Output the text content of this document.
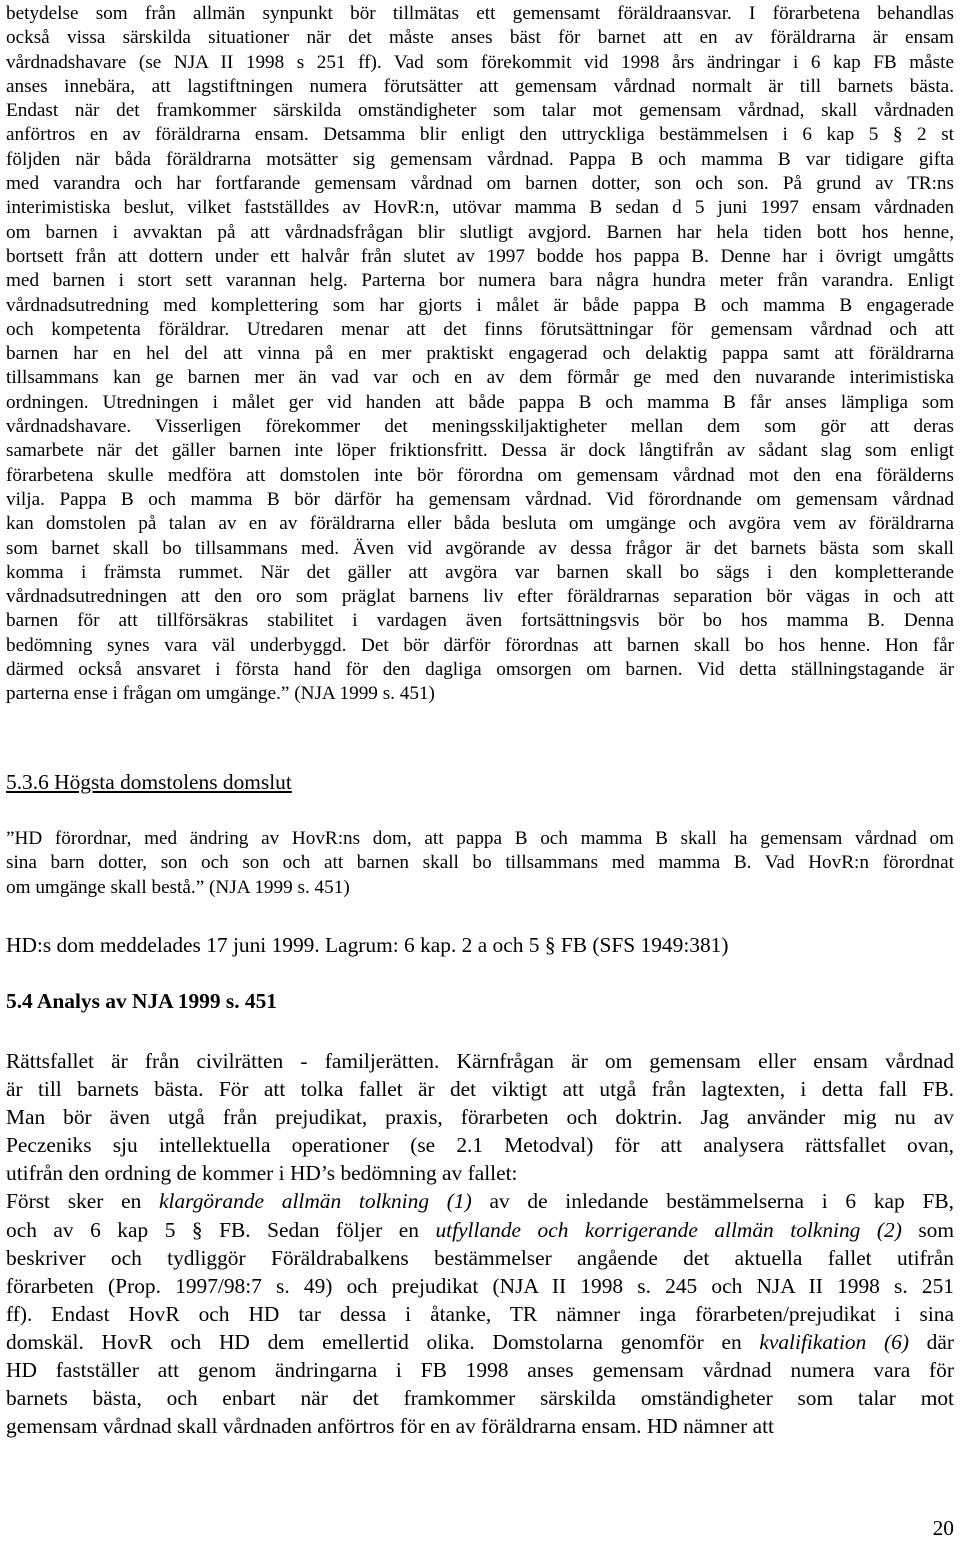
betydelse som från allmän synpunkt bör tillmätas ett gemensamt föräldraansvar. I förarbetena behandlas
också vissa särskilda situationer när det måste anses bäst för barnet att en av föräldrarna är ensam
vårdnadshavare (se NJA II 1998 s 251 ff). Vad som förekommit vid 1998 års ändringar i 6 kap FB måste
anses innebära, att lagstiftningen numera förutsätter att gemensam vårdnad normalt är till barnets bästa.
Endast när det framkommer särskilda omständigheter som talar mot gemensam vårdnad, skall vårdnaden
anförtros en av föräldrarna ensam. Detsamma blir enligt den uttryckliga bestämmelsen i 6 kap 5 § 2 st
följden när båda föräldrarna motsätter sig gemensam vårdnad. Pappa B och mamma B var tidigare gifta
med varandra och har fortfarande gemensam vårdnad om barnen dotter, son och son. På grund av TR:ns
interimistiska beslut, vilket fastställdes av HovR:n, utövar mamma B sedan d 5 juni 1997 ensam vårdnaden
om barnen i avvaktan på att vårdnadsfrågan blir slutligt avgjord. Barnen har hela tiden bott hos henne,
bortsett från att dottern under ett halvår från slutet av 1997 bodde hos pappa B. Denne har i övrigt umgåtts
med barnen i stort sett varannan helg. Parterna bor numera bara några hundra meter från varandra. Enligt
vårdnadsutredning med komplettering som har gjorts i målet är både pappa B och mamma B engagerade
och kompetenta föräldrar. Utredaren menar att det finns förutsättningar för gemensam vårdnad och att
barnen har en hel del att vinna på en mer praktiskt engagerad och delaktig pappa samt att föräldrarna
tillsammans kan ge barnen mer än vad var och en av dem förmår ge med den nuvarande interimistiska
ordningen. Utredningen i målet ger vid handen att både pappa B och mamma B får anses lämpliga som
vårdnadshavare. Visserligen förekommer det meningsskiljaktigheter mellan dem som gör att deras
samarbete när det gäller barnen inte löper friktionsfritt. Dessa är dock långtifrån av sådant slag som enligt
förarbetena skulle medföra att domstolen inte bör förordna om gemensam vårdnad mot den ena förälderns
vilja. Pappa B och mamma B bör därför ha gemensam vårdnad. Vid förordnande om gemensam vårdnad
kan domstolen på talan av en av föräldrarna eller båda besluta om umgänge och avgöra vem av föräldrarna
som barnet skall bo tillsammans med. Även vid avgörande av dessa frågor är det barnets bästa som skall
komma i främsta rummet. När det gäller att avgöra var barnen skall bo sägs i den kompletterande
vårdnadsutredningen att den oro som präglat barnens liv efter föräldrarnas separation bör vägas in och att
barnen för att tillförsäkras stabilitet i vardagen även fortsättningsvis bör bo hos mamma B. Denna
bedömning synes vara väl underbyggd. Det bör därför förordnas att barnen skall bo hos henne. Hon får
därmed också ansvaret i första hand för den dagliga omsorgen om barnen. Vid detta ställningstagande är
parterna ense i frågan om umgänge.” (NJA 1999 s. 451)
5.3.6 Högsta domstolens domslut
”HD förordnar, med ändring av HovR:ns dom, att pappa B och mamma B skall ha gemensam vårdnad om
sina barn dotter, son och son och att barnen skall bo tillsammans med mamma B. Vad HovR:n förordnat
om umgänge skall bestå.” (NJA 1999 s. 451)

HD:s dom meddelades 17 juni 1999. Lagrum: 6 kap. 2 a och 5 § FB (SFS 1949:381)

5.4 Analys av NJA 1999 s. 451
Rättsfallet är från civilrätten - familjerätten. Kärnfrågan är om gemensam eller ensam vårdnad
är till barnets bästa. För att tolka fallet är det viktigt att utgå från lagtexten, i detta fall FB.
Man bör även utgå från prejudikat, praxis, förarbeten och doktrin. Jag använder mig nu av
Peczeniks sju intellektuella operationer (se 2.1 Metodval) för att analysera rättsfallet ovan,
utifrån den ordning de kommer i HD’s bedömning av fallet:
Först sker en klargörande allmän tolkning (1) av de inledande bestämmelserna i 6 kap FB,
och av 6 kap 5 § FB. Sedan följer en utfyllande och korrigerande allmän tolkning (2) som
beskriver och tydliggör Föräldrabalkens bestämmelser angående det aktuella fallet utifrån
förarbeten (Prop. 1997/98:7 s. 49) och prejudikat (NJA II 1998 s. 245 och NJA II 1998 s. 251
ff). Endast HovR och HD tar dessa i åtanke, TR nämner inga förarbeten/prejudikat i sina
domskäl. HovR och HD dem emellertid olika. Domstolarna genomför en kvalifikation (6) där
HD fastställer att genom ändringarna i FB 1998 anses gemensam vårdnad numera vara för
barnets bästa, och enbart när det framkommer särskilda omständigheter som talar mot
gemensam vårdnad skall vårdnaden anförtros för en av föräldrarna ensam. HD nämner att

20
